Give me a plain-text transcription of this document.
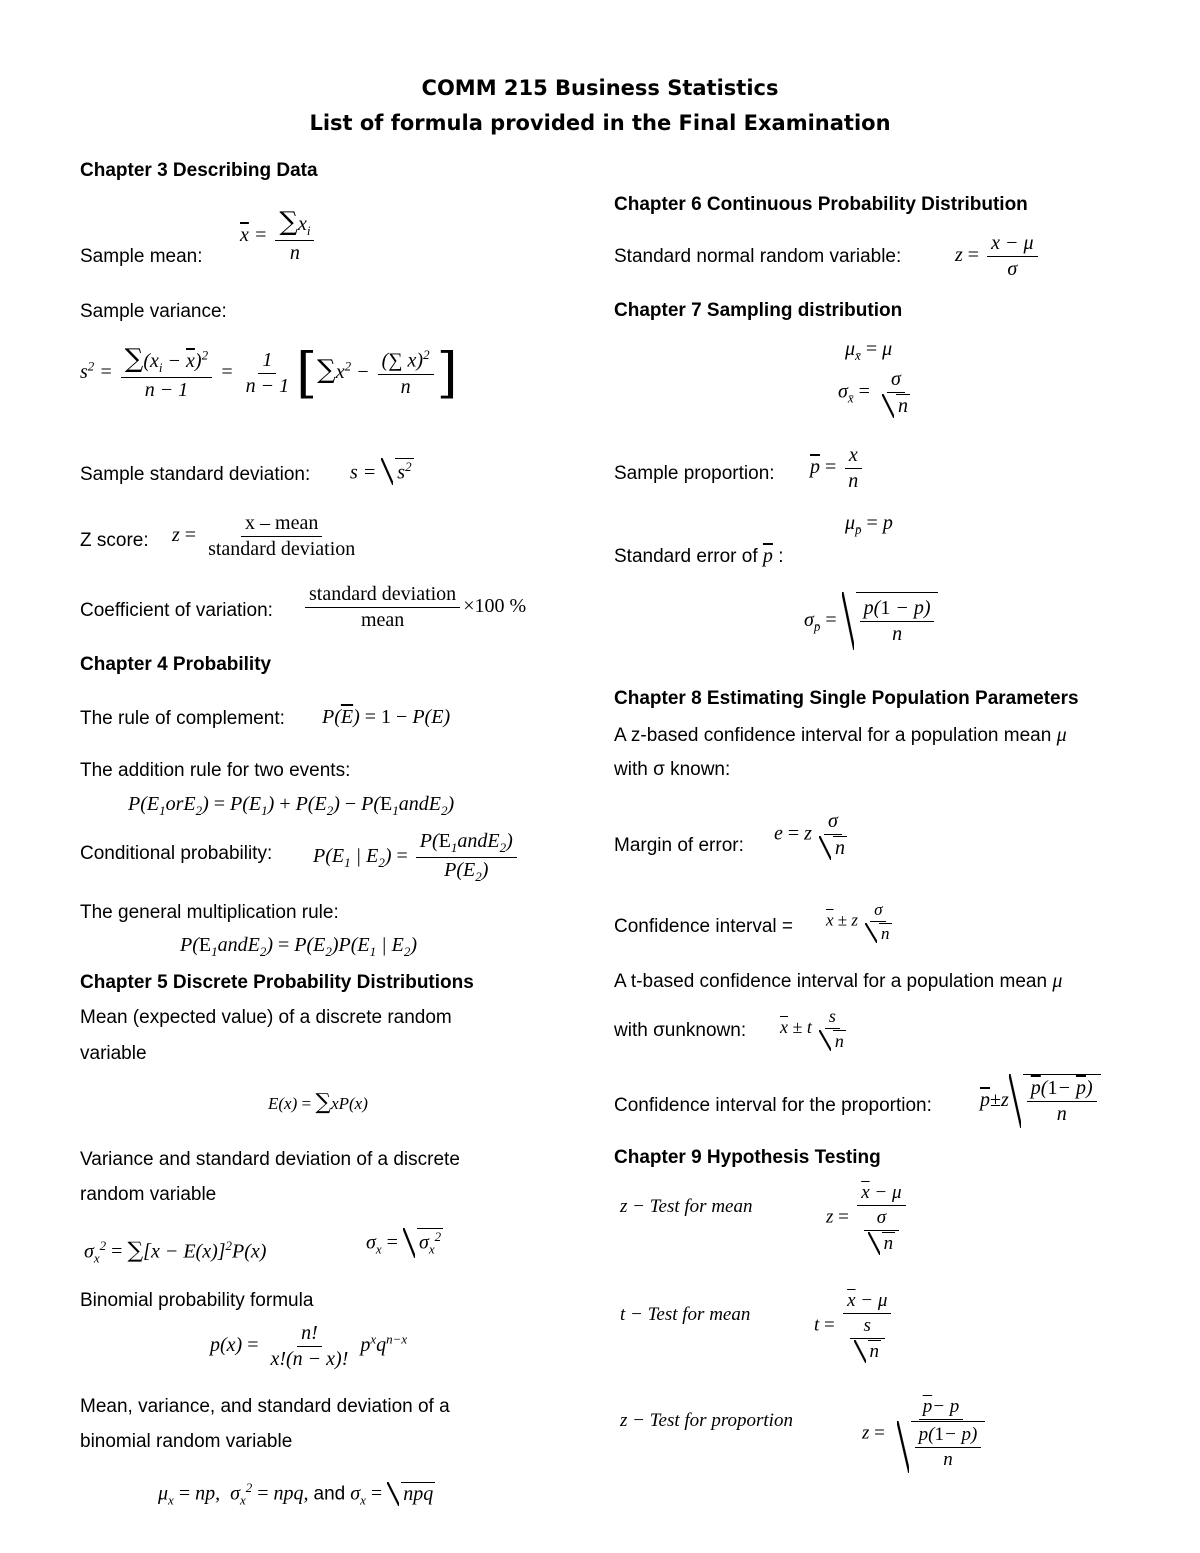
COMM 215 Business Statistics
List of formula provided in the Final Examination
Chapter 3 Describing Data
Sample mean:
$\overline{x} = \frac{\sum x_i}{n}$
Sample variance:
$s^2 = \frac{\sum(x_i - \overline{x})^2}{n - 1} = \frac{1}{n - 1} [\sum x^2 - \frac{(\sum x)^2}{n}$ ]
Sample standard deviation: $s = s^2$
Z score: $z = \frac{\text{x – mean}}{\text{standard deviation}}$
Coefficient of variation: $\frac{\text{standard deviation}}{\text{mean}} \times 100$ %
Chapter 4 Probability
The rule of complement: $P(\overline{E}) = 1 - P(E)$
The addition rule for two events:
$P(E_1orE_2) = P(E_1) + P(E_2)$ − $P(E_1andE_2)$
Conditional probability: $P(E_1$ | $E_2) = \frac{P(E_1andE_2)}{P(E_2)}$
The general multiplication rule:
$P(E_1andE_2) = P(E_2)P(E_1$ | $E_2$)
Chapter 5 Discrete Probability Distributions
Mean (expected value) of a discrete random
variable
E(x) = ∑xP(x)
Variance and standard deviation of a discrete
random variable
$\sigma_x^2 = \sum[x - E(x)]^2P(x)$	$\sigma_x = \sigma_x^2$
Binomial probability formula
$p(x) = \frac{n!}{x!(n - x)!} p^xq^{n-x}$
Mean, variance, and standard deviation of a
binomial random variable
$\mu_x$ = np,  $\sigma_x^2$ = npq, and $\sigma_x$ = npq
Chapter 6 Continuous Probability Distribution
Standard normal random variable:	$z = \frac{x - \mu}{\sigma}$
Chapter 7 Sampling distribution
$\mu_{x̄} = \mu$
$\sigma_{x̄} = \frac{\sigma}{n}$
Sample proportion: $\overline{p} = \frac{x}{n}$
$\mu_{p̄} = p$
Standard error of $\overline{p}$ :
$\sigma_{p̄} = \frac{p(1 - p)}{n}$
Chapter 8 Estimating Single Population Parameters
A z-based confidence interval for a population mean μ
with σ known:
Margin of error:
e = z $\frac{\sigma}{n}$
Confidence interval = $\overline{x} \pm z \frac{\sigma}{n}$
A t-based confidence interval for a population mean μ
with σunknown: $\overline{x} \pm t \frac{s}{n}$
Confidence interval for the proportion: $\overline{p}\pm z \frac{\overline{p}(1- \overline{p})}{n}$
Chapter 9 Hypothesis Testing
z − Test for mean
$z = \frac{\overline{x} - \mu}{\frac{\sigma}{n}}$
t − Test for mean
$t = \frac{\overline{x} - \mu}{\frac{s}{n}}$
z − Test for proportion
$z = \frac{\overline{p}- p}{\frac{p(1- p)}{n}}$
